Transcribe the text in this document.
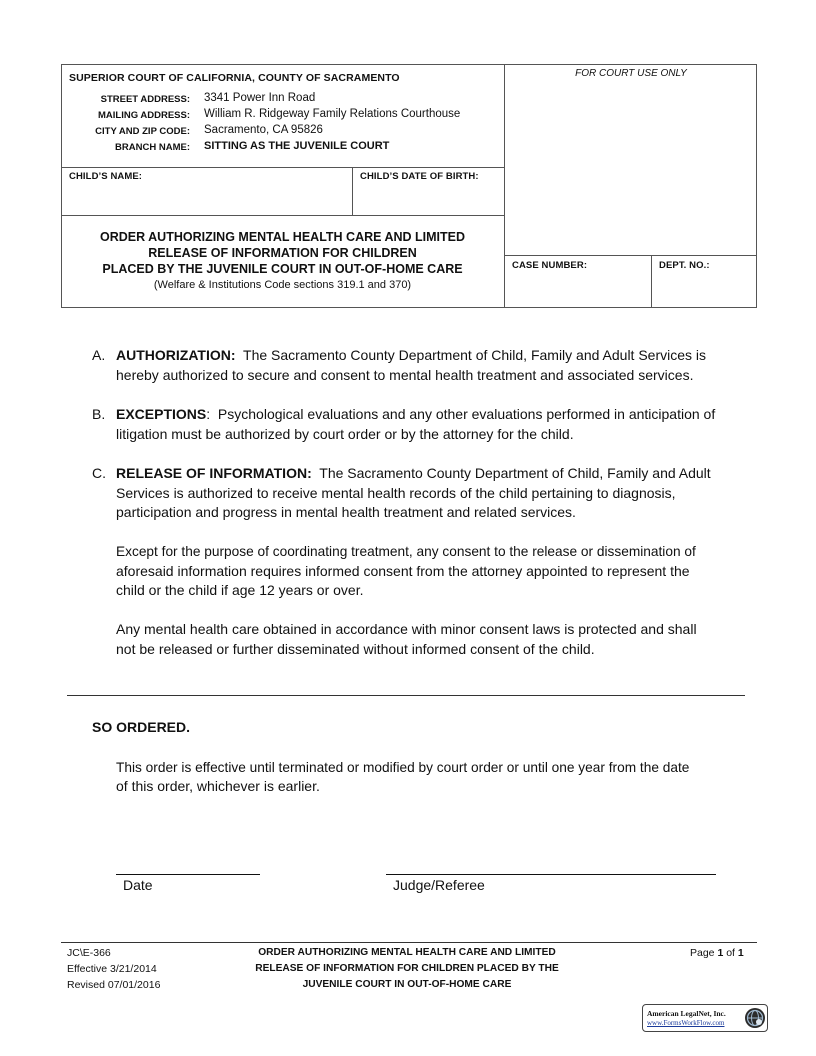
SUPERIOR COURT OF CALIFORNIA, COUNTY OF SACRAMENTO	FOR COURT USE ONLY
STREET ADDRESS: 3341 Power Inn Road
MAILING ADDRESS: William R. Ridgeway Family Relations Courthouse
CITY AND ZIP CODE: Sacramento, CA 95826
BRANCH NAME: SITTING AS THE JUVENILE COURT
CHILD’S NAME:	CHILD’S DATE OF BIRTH:
ORDER AUTHORIZING MENTAL HEALTH CARE AND LIMITED
RELEASE OF INFORMATION FOR CHILDREN
PLACED BY THE JUVENILE COURT IN OUT-OF-HOME CARE
(Welfare & Institutions Code sections 319.1 and 370)
CASE NUMBER:	DEPT. NO.:
A. AUTHORIZATION: The Sacramento County Department of Child, Family and Adult Services is
hereby authorized to secure and consent to mental health treatment and associated services.
B. EXCEPTIONS:  Psychological evaluations and any other evaluations performed in anticipation of
litigation must be authorized by court order or by the attorney for the child.
C. RELEASE OF INFORMATION: The Sacramento County Department of Child, Family and Adult
Services is authorized to receive mental health records of the child pertaining to diagnosis,
participation and progress in mental health treatment and related services.
Except for the purpose of coordinating treatment, any consent to the release or dissemination of
aforesaid information requires informed consent from the attorney appointed to represent the
child or the child if age 12 years or over.
Any mental health care obtained in accordance with minor consent laws is protected and shall
not be released or further disseminated without informed consent of the child.
SO ORDERED.
This order is effective until terminated or modified by court order or until one year from the date
of this order, whichever is earlier.
Date	Judge/Referee
JC\E-366
Effective 3/21/2014
Revised 07/01/2016
ORDER AUTHORIZING MENTAL HEALTH CARE AND LIMITED
RELEASE OF INFORMATION FOR CHILDREN PLACED BY THE
JUVENILE COURT IN OUT-OF-HOME CARE
Page 1 of 1
American LegalNet, Inc.
www.FormsWorkFlow.com
